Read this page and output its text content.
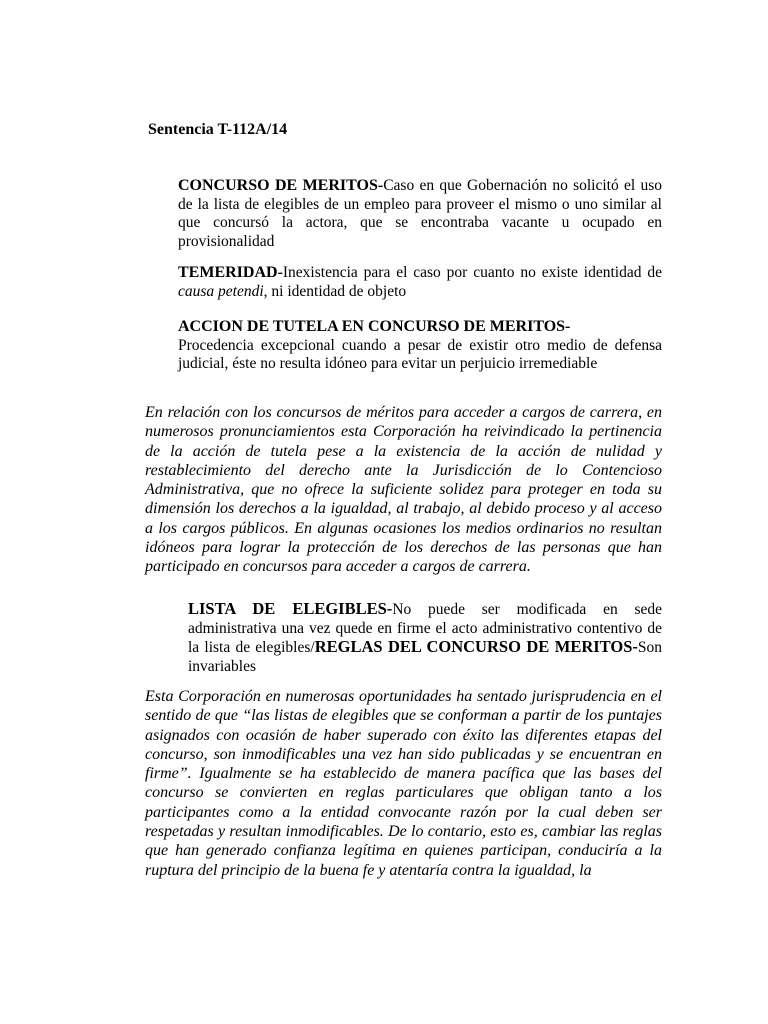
Sentencia T-112A/14

CONCURSO DE MERITOS-Caso en que Gobernación no solicitó el uso de la lista de elegibles de un empleo para proveer el mismo o uno similar al que concursó la actora, que se encontraba vacante u ocupado en provisionalidad

TEMERIDAD-Inexistencia para el caso por cuanto no existe identidad de causa petendi, ni identidad de objeto

ACCION DE TUTELA EN CONCURSO DE MERITOS-
Procedencia excepcional cuando a pesar de existir otro medio de defensa judicial, éste no resulta idóneo para evitar un perjuicio irremediable

En relación con los concursos de méritos para acceder a cargos de carrera, en numerosos pronunciamientos esta Corporación ha reivindicado la pertinencia de la acción de tutela pese a la existencia de la acción de nulidad y restablecimiento del derecho ante la Jurisdicción de lo Contencioso Administrativa, que no ofrece la suficiente solidez para proteger en toda su dimensión los derechos a la igualdad, al trabajo, al debido proceso y al acceso a los cargos públicos. En algunas ocasiones los medios ordinarios no resultan idóneos para lograr la protección de los derechos de las personas que han participado en concursos para acceder a cargos de carrera.

LISTA DE ELEGIBLES-No puede ser modificada en sede administrativa una vez quede en firme el acto administrativo contentivo de la lista de elegibles/REGLAS DEL CONCURSO DE MERITOS-Son invariables

Esta Corporación en numerosas oportunidades ha sentado jurisprudencia en el sentido de que “las listas de elegibles que se conforman a partir de los puntajes asignados con ocasión de haber superado con éxito las diferentes etapas del concurso, son inmodificables una vez han sido publicadas y se encuentran en firme”. Igualmente se ha establecido de manera pacífica que las bases del concurso se convierten en reglas particulares que obligan tanto a los participantes como a la entidad convocante razón por la cual deben ser respetadas y resultan inmodificables. De lo contario, esto es, cambiar las reglas que han generado confianza legítima en quienes participan, conduciría a la ruptura del principio de la buena fe y atentaría contra la igualdad, la
